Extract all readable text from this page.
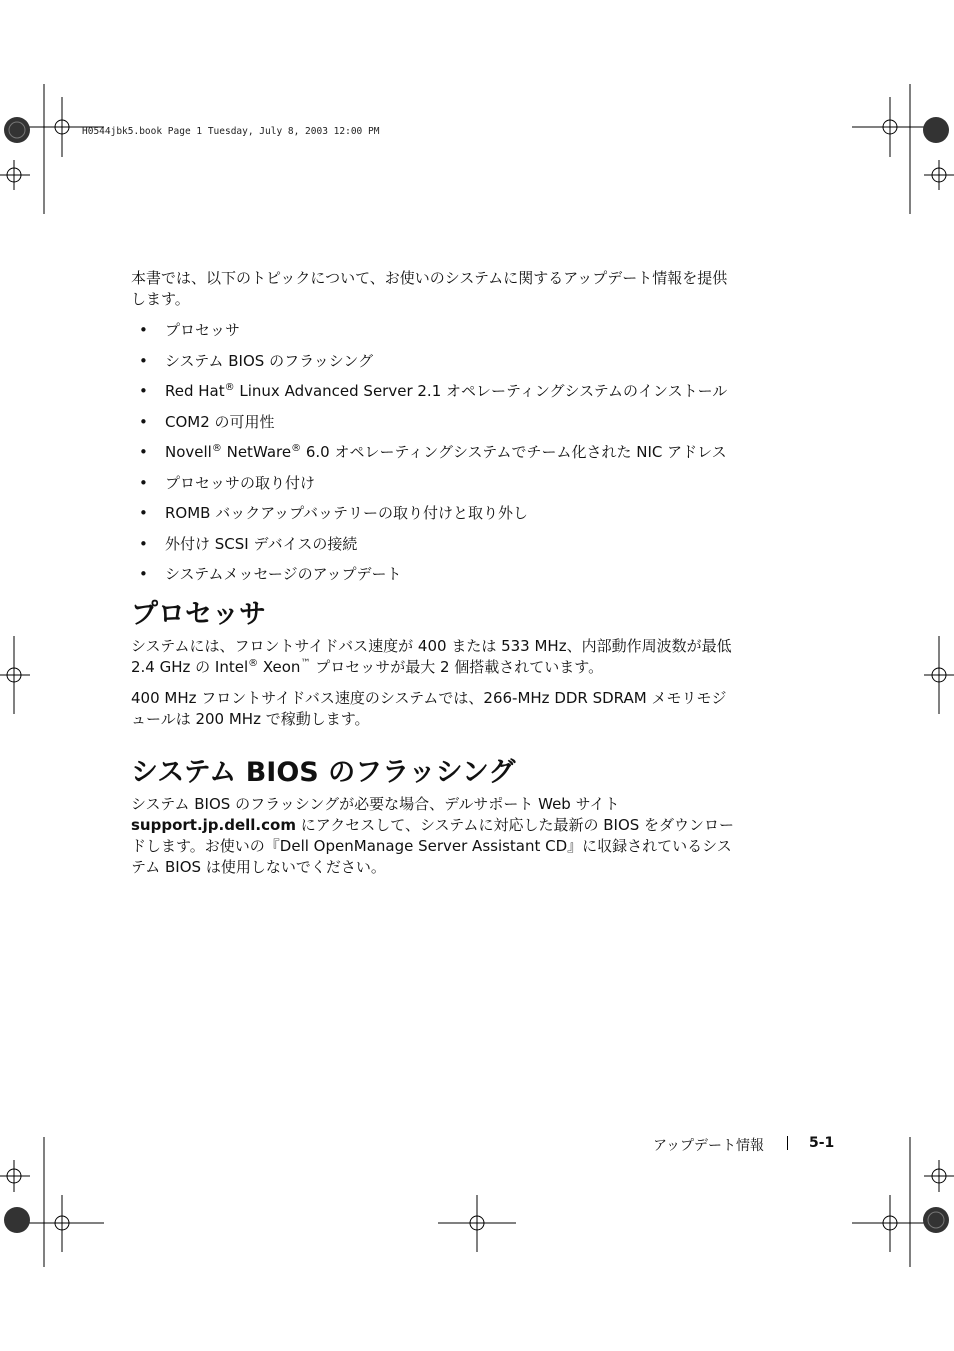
H0544jbk5.book Page 1 Tuesday, July 8, 2003 12:00 PM

本書では、以下のトピックについて、お使いのシステムに関するアップデート情報を提供します。

• プロセッサ
• システム BIOS のフラッシング
• Red Hat® Linux Advanced Server 2.1 オペレーティングシステムのインストール
• COM2 の可用性
• Novell® NetWare® 6.0 オペレーティングシステムでチーム化された NIC アドレス
• プロセッサの取り付け
• ROMB バックアップバッテリーの取り付けと取り外し
• 外付け SCSI デバイスの接続
• システムメッセージのアップデート
プロセッサ

システムには、フロントサイドバス速度が 400 または 533 MHz、内部動作周波数が最低 2.4 GHz の Intel® Xeon™ プロセッサが最大 2 個搭載されています。

400 MHz フロントサイドバス速度のシステムでは、266-MHz DDR SDRAM メモリモジュールは 200 MHz で稼動します。

システム BIOS のフラッシング

システム BIOS のフラッシングが必要な場合、デルサポート Web サイト support.jp.dell.com にアクセスして、システムに対応した最新の BIOS をダウンロードします。お使いの『Dell OpenManage Server Assistant CD』に収録されているシステム BIOS は使用しないでください。

アップデート情報	5-1
